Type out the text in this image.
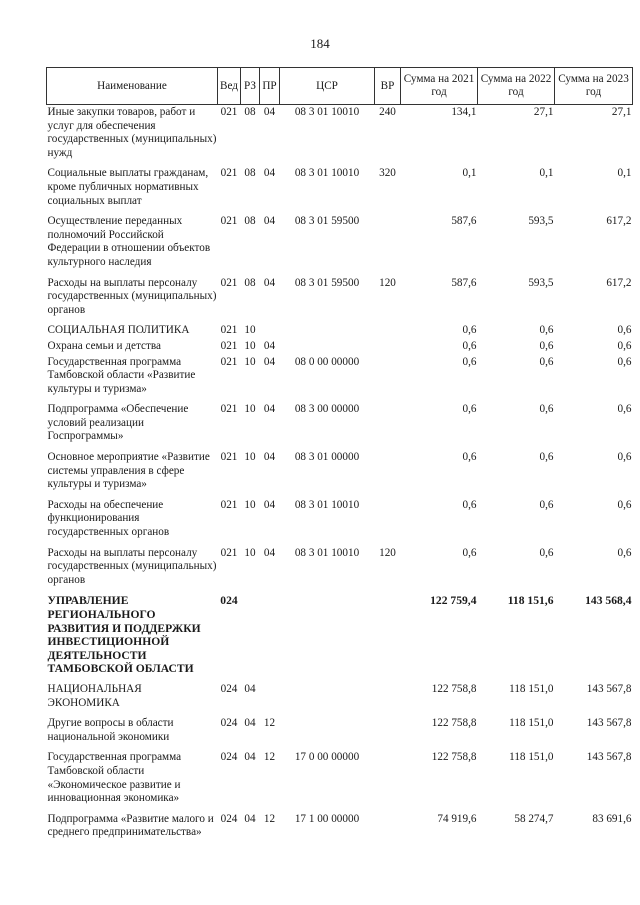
184
Наименование	Вед	РЗ	ПР	ЦСР	ВР	Сумма на 2021 год	Сумма на 2022 год	Сумма на 2023 год
Иные закупки товаров, работ и услуг для обеспечения государственных (муниципальных) нужд	021	08	04	08 3 01 10010	240	134,1	27,1	27,1
Социальные выплаты гражданам, кроме публичных нормативных социальных выплат	021	08	04	08 3 01 10010	320	0,1	0,1	0,1
Осуществление переданных полномочий Российской Федерации в отношении объектов культурного наследия	021	08	04	08 3 01 59500		587,6	593,5	617,2
Расходы на выплаты персоналу государственных (муниципальных) органов	021	08	04	08 3 01 59500	120	587,6	593,5	617,2
СОЦИАЛЬНАЯ ПОЛИТИКА	021	10				0,6	0,6	0,6
Охрана семьи и детства	021	10	04			0,6	0,6	0,6
Государственная программа Тамбовской области «Развитие культуры и туризма»	021	10	04	08 0 00 00000		0,6	0,6	0,6
Подпрограмма «Обеспечение условий реализации Госпрограммы»	021	10	04	08 3 00 00000		0,6	0,6	0,6
Основное мероприятие «Развитие системы управления в сфере культуры и туризма»	021	10	04	08 3 01 00000		0,6	0,6	0,6
Расходы на обеспечение функционирования государственных органов	021	10	04	08 3 01 10010		0,6	0,6	0,6
Расходы на выплаты персоналу государственных (муниципальных) органов	021	10	04	08 3 01 10010	120	0,6	0,6	0,6
УПРАВЛЕНИЕ РЕГИОНАЛЬНОГО РАЗВИТИЯ И ПОДДЕРЖКИ ИНВЕСТИЦИОННОЙ ДЕЯТЕЛЬНОСТИ ТАМБОВСКОЙ ОБЛАСТИ	024					122 759,4	118 151,6	143 568,4
НАЦИОНАЛЬНАЯ ЭКОНОМИКА	024	04				122 758,8	118 151,0	143 567,8
Другие вопросы в области национальной экономики	024	04	12			122 758,8	118 151,0	143 567,8
Государственная программа Тамбовской области «Экономическое развитие и инновационная экономика»	024	04	12	17 0 00 00000		122 758,8	118 151,0	143 567,8
Подпрограмма «Развитие малого и среднего предпринимательства»	024	04	12	17 1 00 00000		74 919,6	58 274,7	83 691,6
